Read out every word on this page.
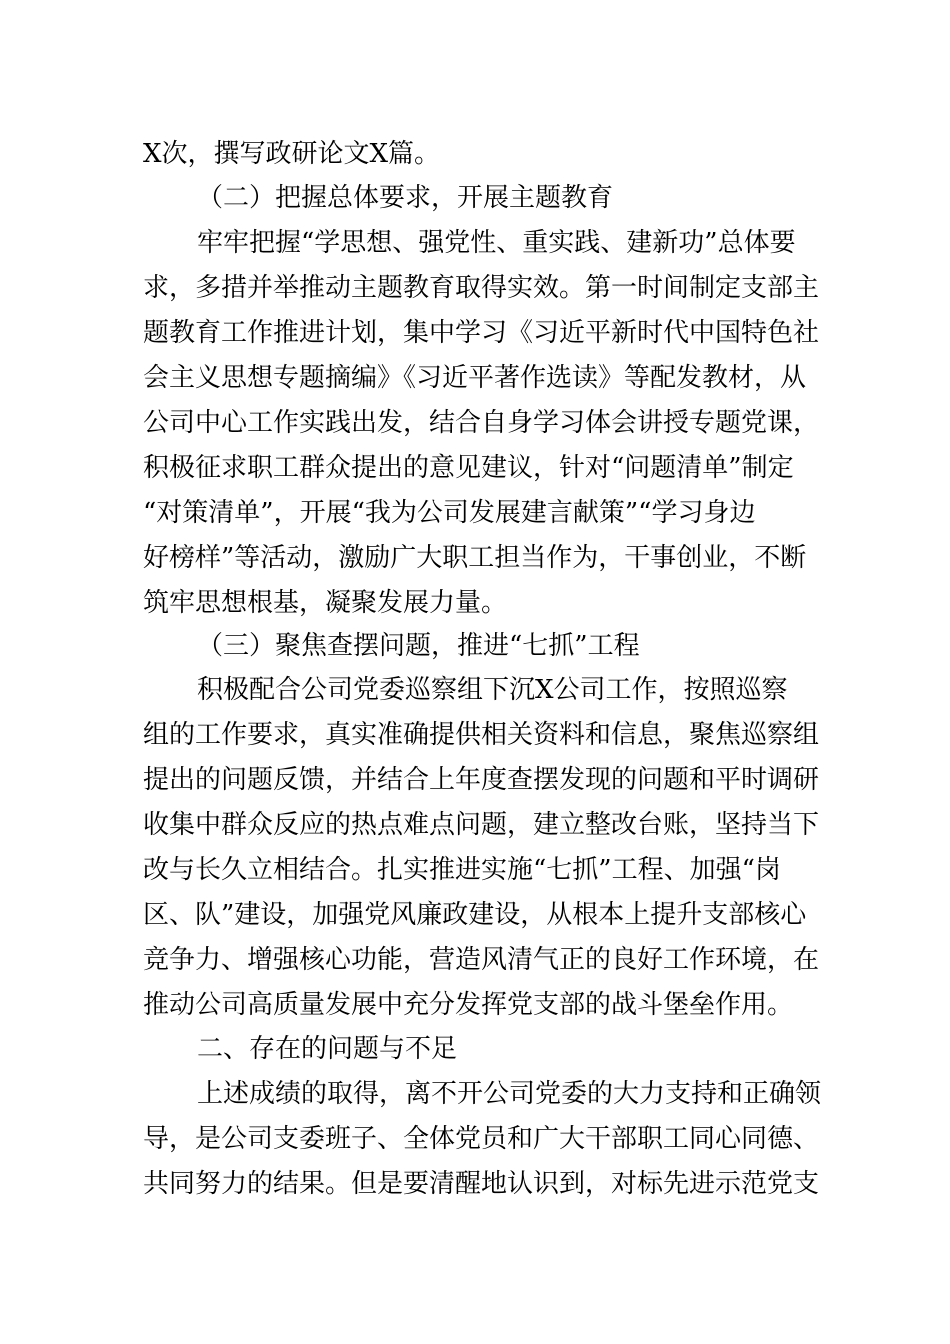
X次，撰写政研论文X篇。
（二）把握总体要求，开展主题教育
牢牢把握“学思想、强党性、重实践、建新功”总体要
求，多措并举推动主题教育取得实效。第一时间制定支部主
题教育工作推进计划，集中学习《习近平新时代中国特色社
会主义思想专题摘编》《习近平著作选读》等配发教材，从
公司中心工作实践出发，结合自身学习体会讲授专题党课，
积极征求职工群众提出的意见建议，针对“问题清单”制定
“对策清单”，开展“我为公司发展建言献策”“学习身边
好榜样”等活动，激励广大职工担当作为，干事创业，不断
筑牢思想根基，凝聚发展力量。
（三）聚焦查摆问题，推进“七抓”工程
积极配合公司党委巡察组下沉X公司工作，按照巡察
组的工作要求，真实准确提供相关资料和信息，聚焦巡察组
提出的问题反馈，并结合上年度查摆发现的问题和平时调研
收集中群众反应的热点难点问题，建立整改台账，坚持当下
改与长久立相结合。扎实推进实施“七抓”工程、加强“岗
区、队”建设，加强党风廉政建设，从根本上提升支部核心
竞争力、增强核心功能，营造风清气正的良好工作环境，在
推动公司高质量发展中充分发挥党支部的战斗堡垒作用。
二、存在的问题与不足
上述成绩的取得，离不开公司党委的大力支持和正确领
导，是公司支委班子、全体党员和广大干部职工同心同德、
共同努力的结果。但是要清醒地认识到，对标先进示范党支
